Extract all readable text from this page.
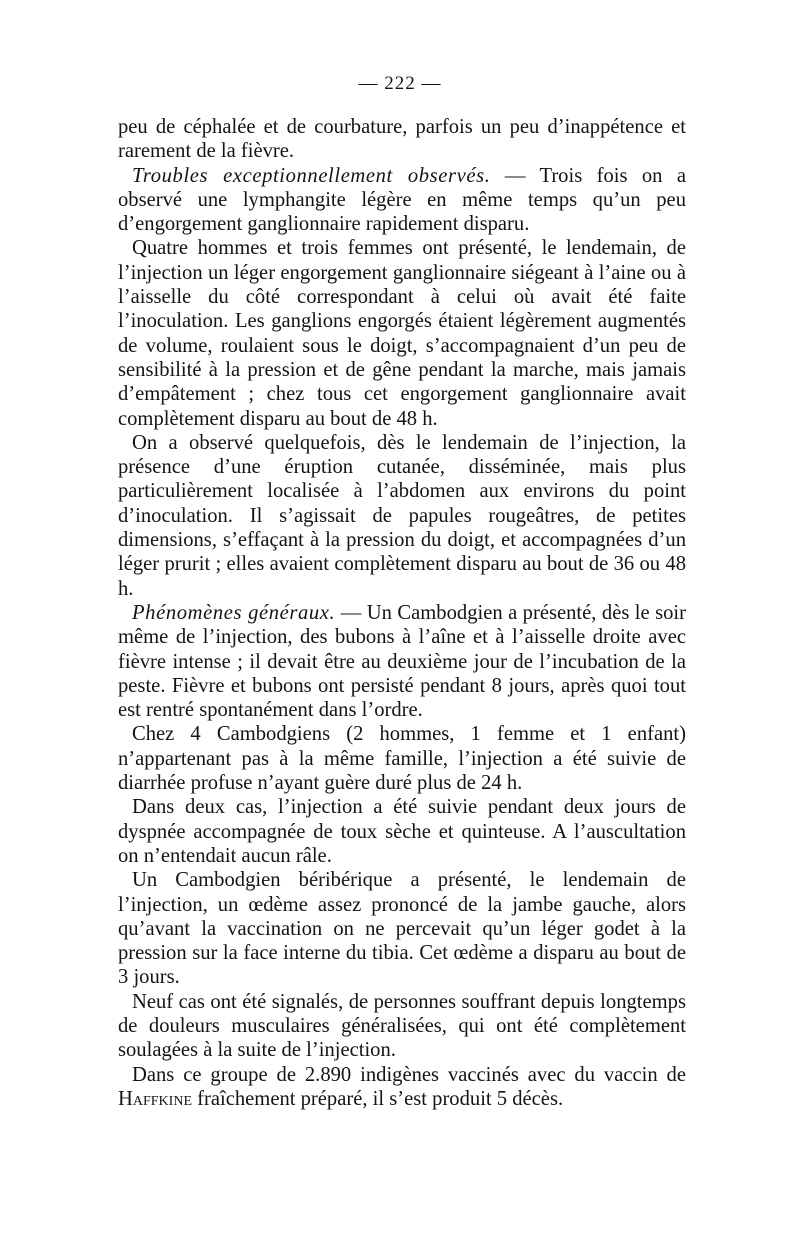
— 222 —

peu de céphalée et de courbature, parfois un peu d’inappétence et rarement de la fièvre.

Troubles exceptionnellement observés. — Trois fois on a observé une lymphangite légère en même temps qu’un peu d’engorgement ganglionnaire rapidement disparu.

Quatre hommes et trois femmes ont présenté, le lendemain, de l’injection un léger engorgement ganglionnaire siégeant à l’aine ou à l’aisselle du côté correspondant à celui où avait été faite l’inoculation. Les ganglions engorgés étaient légèrement augmentés de volume, roulaient sous le doigt, s’accompagnaient d’un peu de sensibilité à la pression et de gêne pendant la marche, mais jamais d’empâtement ; chez tous cet engorgement ganglionnaire avait complètement disparu au bout de 48 h.

On a observé quelquefois, dès le lendemain de l’injection, la présence d’une éruption cutanée, disséminée, mais plus particulièrement localisée à l’abdomen aux environs du point d’inoculation. Il s’agissait de papules rougeâtres, de petites dimensions, s’effaçant à la pression du doigt, et accompagnées d’un léger prurit ; elles avaient complètement disparu au bout de 36 ou 48 h.

Phénomènes généraux. — Un Cambodgien a présenté, dès le soir même de l’injection, des bubons à l’aîne et à l’aisselle droite avec fièvre intense ; il devait être au deuxième jour de l’incubation de la peste. Fièvre et bubons ont persisté pendant 8 jours, après quoi tout est rentré spontanément dans l’ordre.

Chez 4 Cambodgiens (2 hommes, 1 femme et 1 enfant) n’appartenant pas à la même famille, l’injection a été suivie de diarrhée profuse n’ayant guère duré plus de 24 h.

Dans deux cas, l’injection a été suivie pendant deux jours de dyspnée accompagnée de toux sèche et quinteuse. A l’auscultation on n’entendait aucun râle.

Un Cambodgien béribérique a présenté, le lendemain de l’injection, un œdème assez prononcé de la jambe gauche, alors qu’avant la vaccination on ne percevait qu’un léger godet à la pression sur la face interne du tibia. Cet œdème a disparu au bout de 3 jours.

Neuf cas ont été signalés, de personnes souffrant depuis longtemps de douleurs musculaires généralisées, qui ont été complètement soulagées à la suite de l’injection.

Dans ce groupe de 2.890 indigènes vaccinés avec du vaccin de Haffkine fraîchement préparé, il s’est produit 5 décès.
